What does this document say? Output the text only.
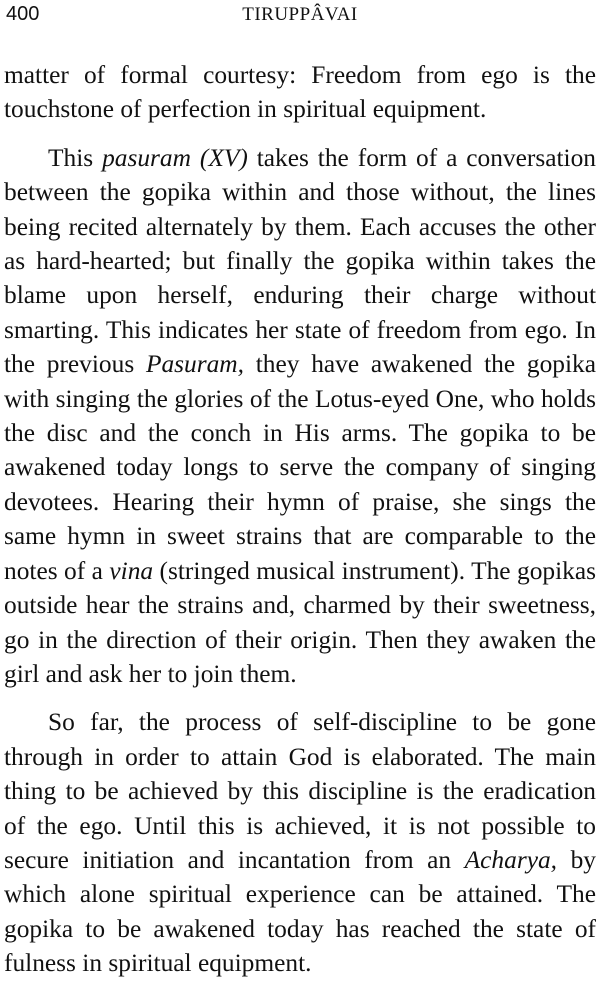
400	TIRUPPÂVAI

matter of formal courtesy: Freedom from ego is the touchstone of perfection in spiritual equipment.

This pasuram (XV) takes the form of a conversation between the gopika within and those without, the lines being recited alternately by them. Each accuses the other as hard-hearted; but finally the gopika within takes the blame upon herself, enduring their charge without smarting. This indicates her state of freedom from ego. In the previous Pasuram, they have awakened the gopika with singing the glories of the Lotus-eyed One, who holds the disc and the conch in His arms. The gopika to be awakened today longs to serve the company of singing devotees. Hearing their hymn of praise, she sings the same hymn in sweet strains that are comparable to the notes of a vina (stringed musical instrument). The gopikas outside hear the strains and, charmed by their sweetness, go in the direction of their origin. Then they awaken the girl and ask her to join them.

So far, the process of self-discipline to be gone through in order to attain God is elaborated. The main thing to be achieved by this discipline is the eradication of the ego. Until this is achieved, it is not possible to secure initiation and incantation from an Acharya, by which alone spiritual experience can be attained. The gopika to be awakened today has reached the state of fulness in spiritual equipment.
